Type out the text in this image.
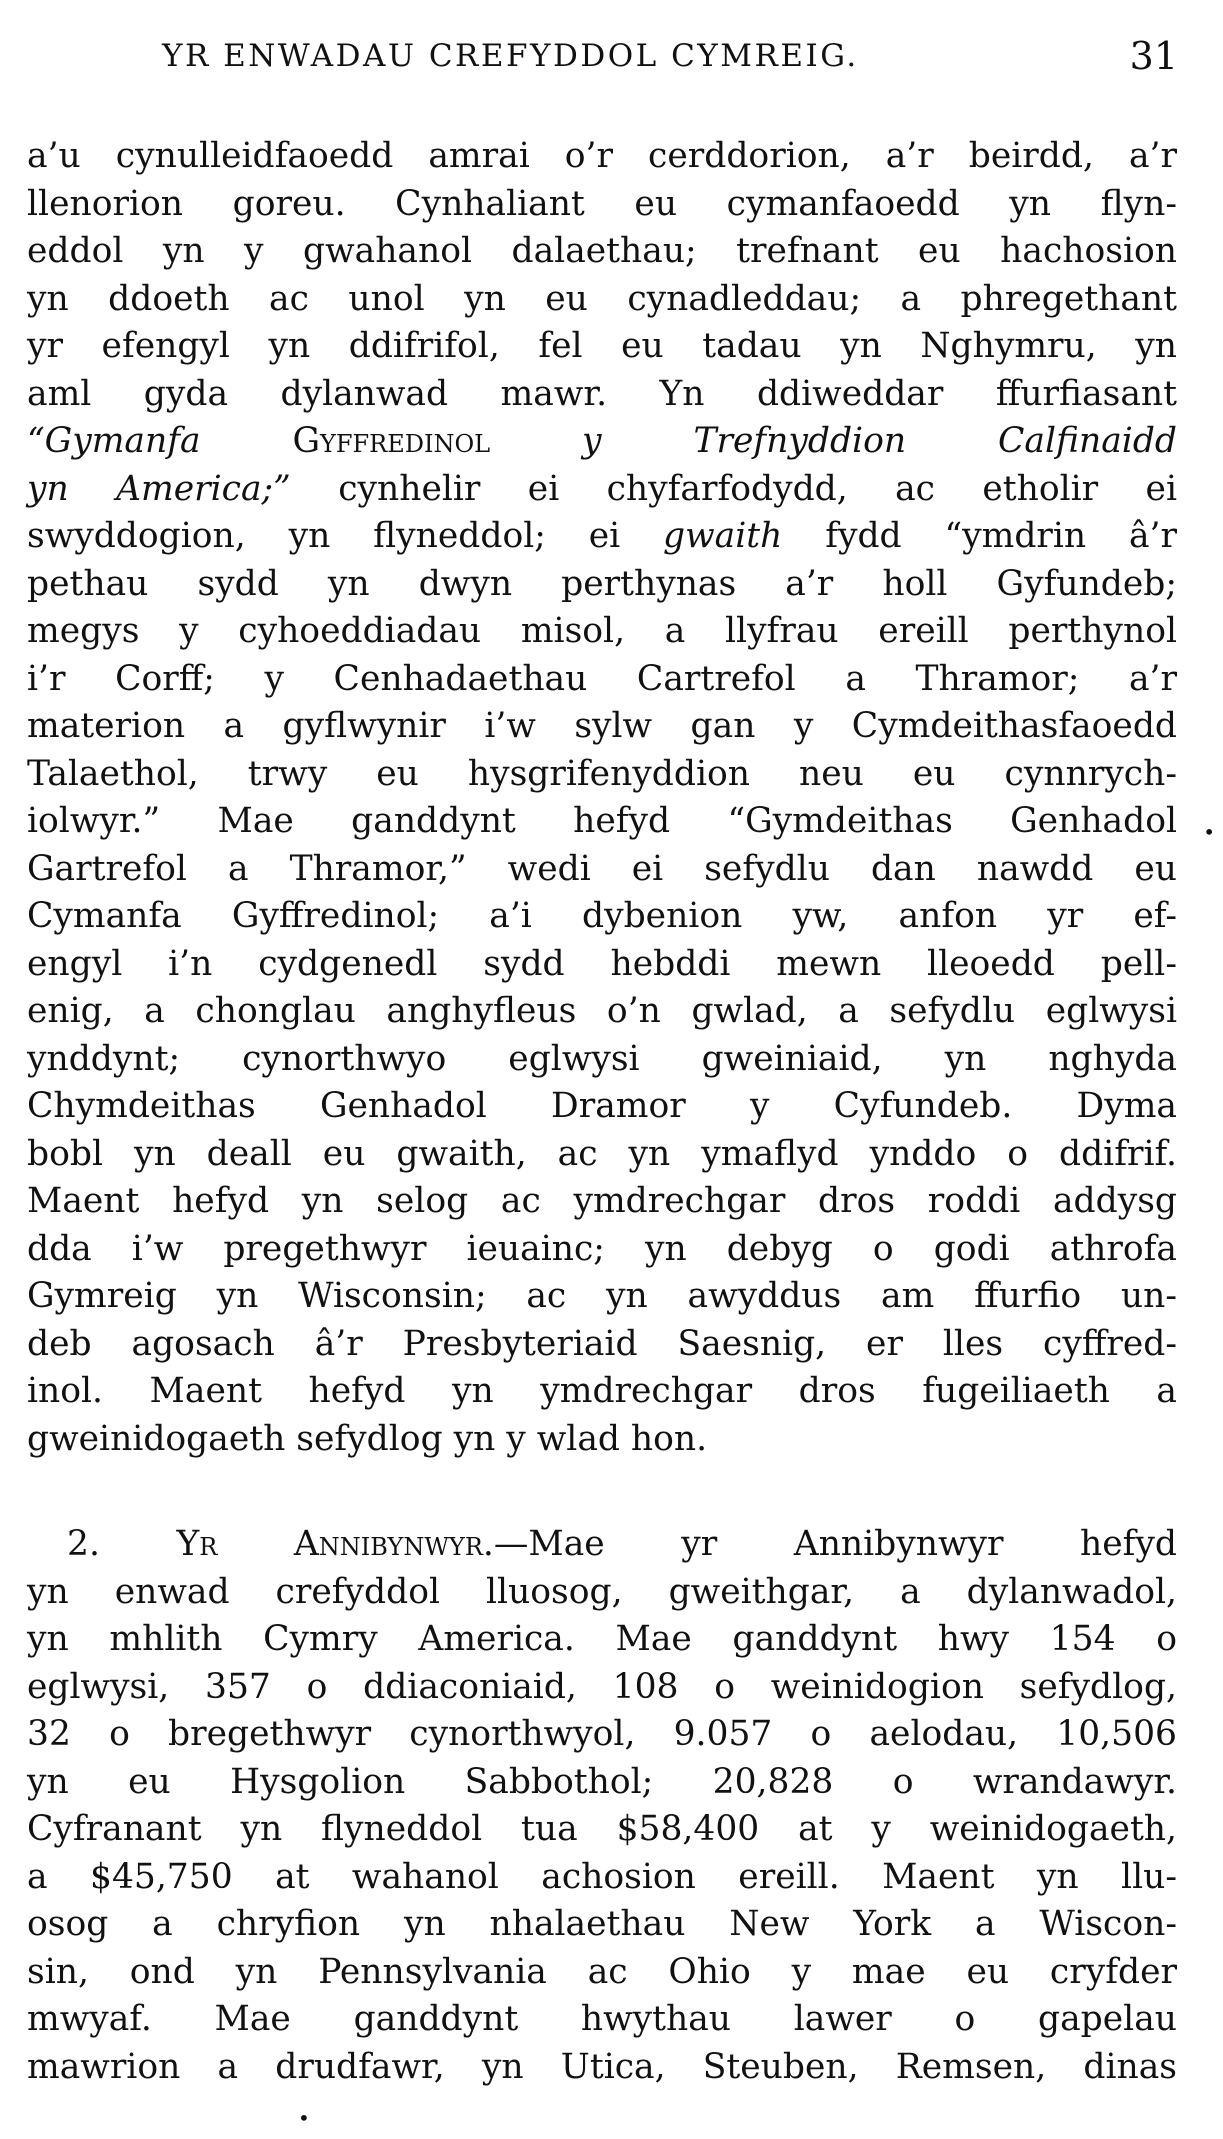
YR ENWADAU CREFYDDOL CYMREIG.	31
a’u cynulleidfaoedd amrai o’r cerddorion, a’r beirdd, a’r
llenorion goreu. Cynhaliant eu cymanfaoedd yn flyn-
eddol yn y gwahanol dalaethau; trefnant eu hachosion
yn ddoeth ac unol yn eu cynadleddau; a phregethant
yr efengyl yn ddifrifol, fel eu tadau yn Nghymru, yn
aml gyda dylanwad mawr. Yn ddiweddar ffurfiasant
“Gymanfa	Gyffredinol	y Trefnyddion Calfinaidd
yn America;” cynhelir ei chyfarfodydd, ac etholir ei
swyddogion, yn flyneddol; ei gwaith fydd “ymdrin â’r
pethau sydd yn dwyn perthynas a’r holl Gyfundeb;
megys y cyhoeddiadau misol, a llyfrau ereill perthynol
i’r Corff; y Cenhadaethau Cartrefol a Thramor; a’r
materion a gyflwynir i’w sylw gan y Cymdeithasfaoedd
Talaethol, trwy eu hysgrifenyddion neu eu cynnrych-
iolwyr.” Mae ganddynt hefyd “Gymdeithas Genhadol
Gartrefol a Thramor,” wedi ei sefydlu dan nawdd eu
Cymanfa Gyffredinol; a’i dybenion yw, anfon yr ef-
engyl i’n cydgenedl sydd hebddi mewn lleoedd pell-
enig, a chonglau anghyfleus o’n gwlad, a sefydlu eglwysi
ynddynt; cynorthwyo eglwysi gweiniaid, yn nghyda
Chymdeithas Genhadol Dramor y Cyfundeb. Dyma
bobl yn deall eu gwaith, ac yn ymaflyd ynddo o ddifrif.
Maent hefyd yn selog ac ymdrechgar dros roddi addysg
dda i’w pregethwyr ieuainc; yn debyg o godi athrofa
Gymreig yn Wisconsin; ac yn awyddus am ffurfio un-
deb agosach â’r Presbyteriaid Saesnig, er lles cyffred-
inol. Maent hefyd yn ymdrechgar dros fugeiliaeth a
gweinidogaeth sefydlog yn y wlad hon.
2. Yr Annibynwyr.—Mae yr Annibynwyr hefyd
yn enwad crefyddol lluosog, gweithgar, a dylanwadol,
yn mhlith Cymry America. Mae ganddynt hwy 154 o
eglwysi, 357 o ddiaconiaid, 108 o weinidogion sefydlog,
32 o bregethwyr cynorthwyol, 9.057 o aelodau, 10,506
yn eu Hysgolion Sabbothol; 20,828 o wrandawyr.
Cyfranant yn flyneddol tua $58,400 at y weinidogaeth,
a $45,750 at wahanol achosion ereill. Maent yn llu-
osog a chryfion yn nhalaethau New York a Wiscon-
sin, ond yn Pennsylvania ac Ohio y mae eu cryfder
mwyaf. Mae ganddynt hwythau lawer o gapelau
mawrion a drudfawr, yn Utica, Steuben, Remsen, dinas
•
•
